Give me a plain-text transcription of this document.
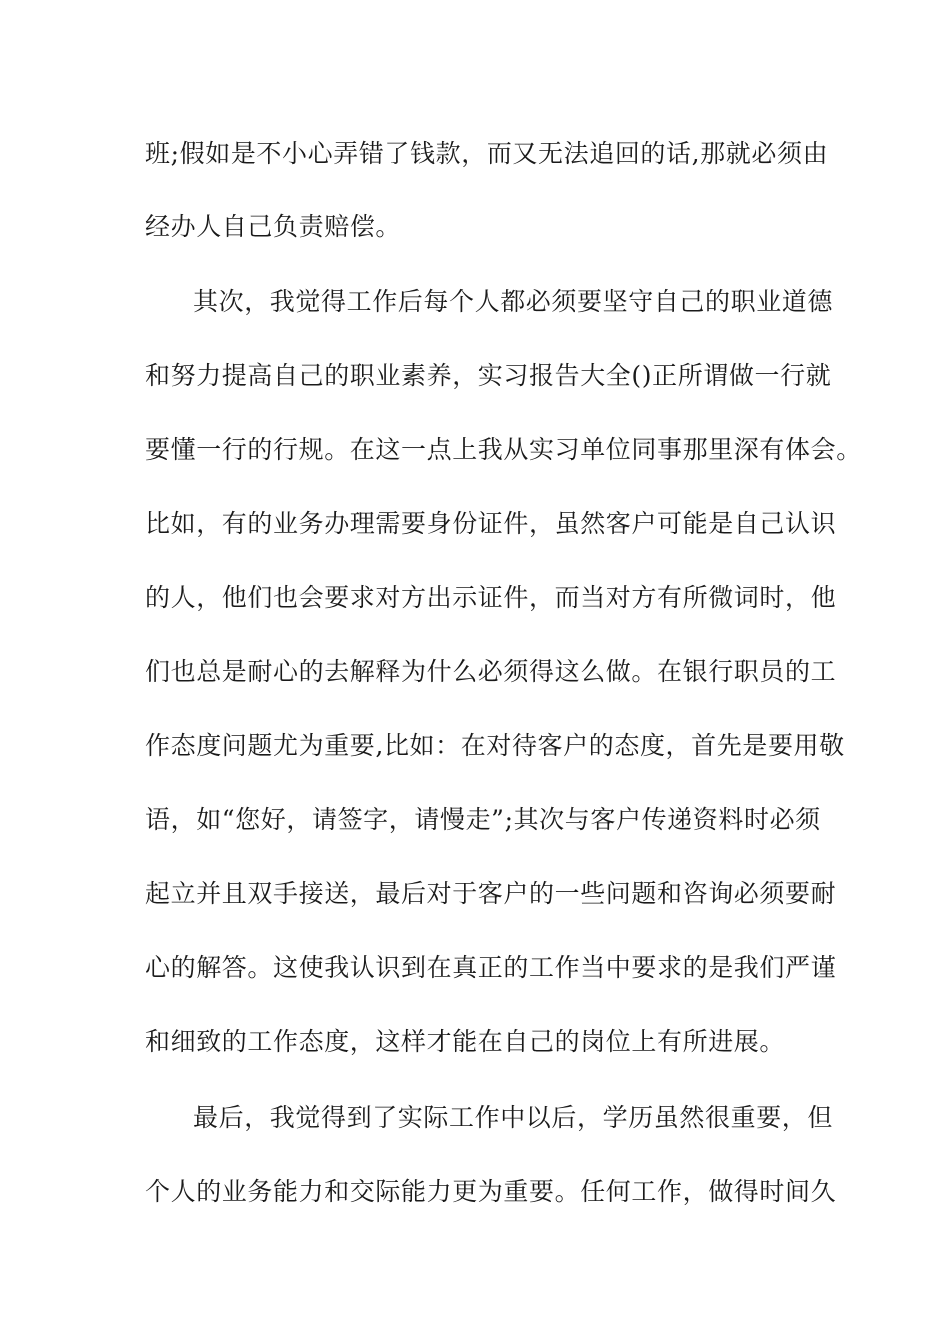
班;假如是不小心弄错了钱款，而又无法追回的话,那就必须由
经办人自己负责赔偿。
其次，我觉得工作后每个人都必须要坚守自己的职业道德
和努力提高自己的职业素养，实习报告大全()正所谓做一行就
要懂一行的行规。在这一点上我从实习单位同事那里深有体会。
比如，有的业务办理需要身份证件，虽然客户可能是自己认识
的人，他们也会要求对方出示证件，而当对方有所微词时，他
们也总是耐心的去解释为什么必须得这么做。在银行职员的工
作态度问题尤为重要,比如：在对待客户的态度，首先是要用敬
语，如“您好，请签字，请慢走”;其次与客户传递资料时必须
起立并且双手接送，最后对于客户的一些问题和咨询必须要耐
心的解答。这使我认识到在真正的工作当中要求的是我们严谨
和细致的工作态度，这样才能在自己的岗位上有所进展。
最后，我觉得到了实际工作中以后，学历虽然很重要，但
个人的业务能力和交际能力更为重要。任何工作，做得时间久
